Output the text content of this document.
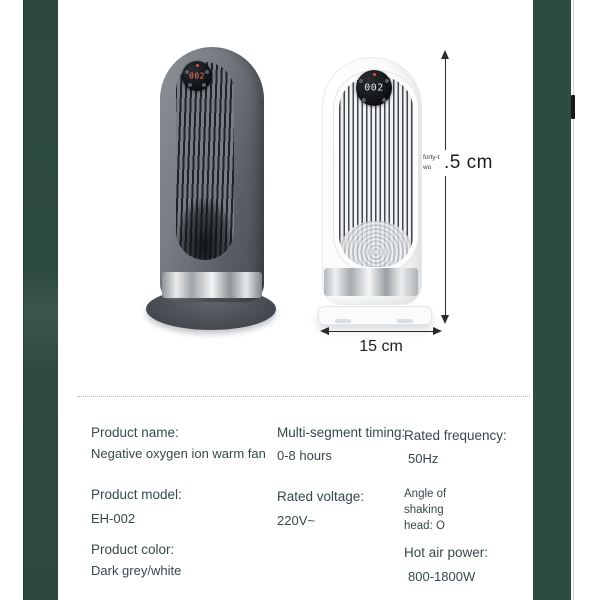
002
002
forty-t wo .5 cm
15 cm
Product name:
Negative oxygen ion warm fan
Multi-segment timing:
0-8 hours
Rated frequency:
50Hz
Product model:
EH-002
Rated voltage:
220V~
Angle of shaking head: O
Product color:
Dark grey/white
Hot air power:
800-1800W
